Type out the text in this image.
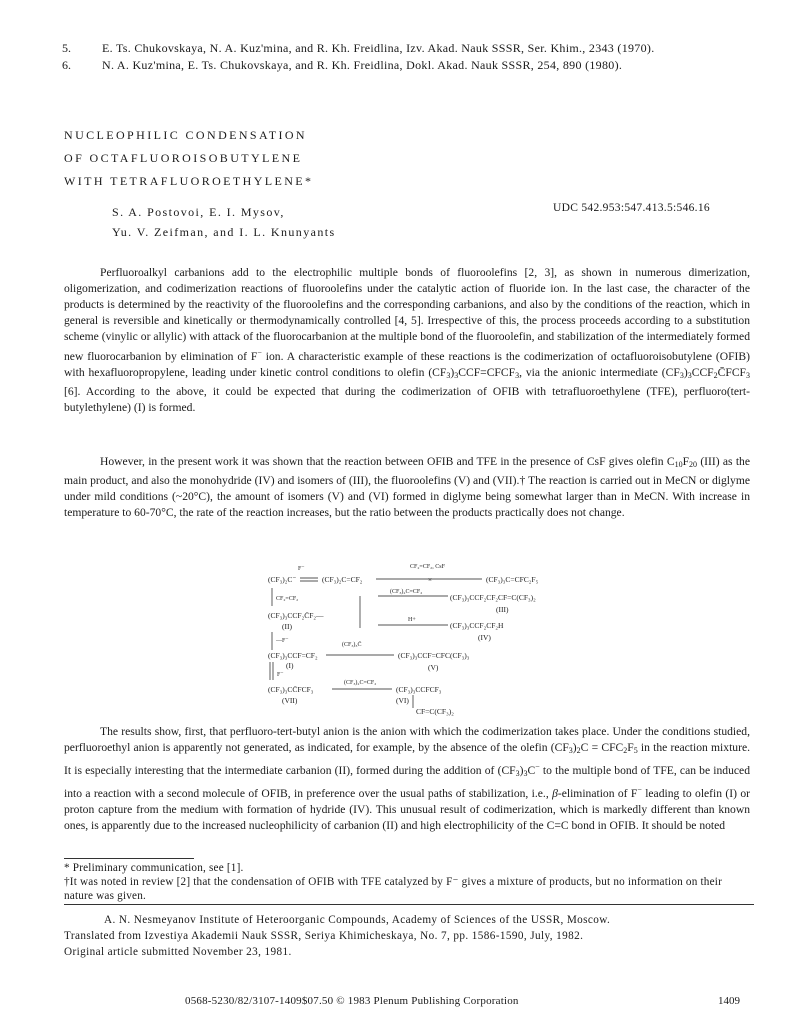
5.	E. Ts. Chukovskaya, N. A. Kuz'mina, and R. Kh. Freidlina, Izv. Akad. Nauk SSSR, Ser. Khim., 2343 (1970).
6.	N. A. Kuz'mina, E. Ts. Chukovskaya, and R. Kh. Freidlina, Dokl. Akad. Nauk SSSR, 254, 890 (1980).
NUCLEOPHILIC CONDENSATION
OF OCTAFLUOROISOBUTYLENE
WITH TETRAFLUOROETHYLENE*
S. A. Postovoi, E. I. Mysov,
Yu. V. Zeifman, and I. L. Knunyants
UDC 542.953:547.413.5:546.16

Perfluoroalkyl carbanions add to the electrophilic multiple bonds of fluoroolefins [2, 3], as shown in numerous dimerization, oligomerization, and codimerization reactions of fluoroolefins under the catalytic action of fluoride ion. In the last case, the character of the products is determined by the reactivity of the fluoroolefins and the corresponding carbanions, and also by the conditions of the reaction, which in general is reversible and kinetically or thermodynamically controlled [4, 5]. Irrespective of this, the process proceeds according to a substitution scheme (vinylic or allylic) with attack of the fluorocarbanion at the multiple bond of the fluoroolefin, and stabilization of the intermediately formed new fluorocarbanion by elimination of F− ion. A characteristic example of these reactions is the codimerization of octafluoroisobutylene (OFIB) with hexafluoropropylene, leading under kinetic control conditions to olefin $(CF_3)_3CCF=CFCF_3$, via the anionic intermediate $(CF_3)_3CCF_2C̄FCF_3$ [6]. According to the above, it could be expected that during the codimerization of OFIB with tetrafluoroethylene (TFE), perfluoro(tert-butylethylene) (I) is formed.

However, in the present work it was shown that the reaction between OFIB and TFE in the presence of CsF gives olefin $C_{10}F_{20}$ (III) as the main product, and also the monohydride (IV) and isomers of (III), the fluoroolefins (V) and (VII).† The reaction is carried out in MeCN or diglyme under mild conditions (~20°C), the amount of isomers (V) and (VI) formed in diglyme being somewhat larger than in MeCN. With increase in temperature to 60-70°C, the rate of the reaction increases, but the ratio between the products practically does not change.

F⁻	CF₂=CF₂, CsF
(CF₃)₂C⁻	(CF₃)₂C=CF₂	×	(CF₃)₃C=CFC₂F₅
CF₂=CF₂
(CF₃)₂C=CF₂
(CF₃)₃CCF₂CF₂CF=C(CF₃)₂
(III)
(CF₃)₃CCF₂C̄F₂—
(II)
H+
(CF₃)₃CCF₂CF₂H
(IV)
—F⁻
(CF₃)₃C̄
(CF₃)₃CCF=CF₂	(CF₃)₃CCF=CFC(CF₃)₃
(V)
(I)
F⁻
(CF₃)₂C=CF₂
(CF₃)₃CC̄FCF₃	(CF₃)₃CCFCF₃
(VII)	(VI)
CF=C(CF₃)₂

The results show, first, that perfluoro-tert-butyl anion is the anion with which the codimerization takes place. Under the conditions studied, perfluoroethyl anion is apparently not generated, as indicated, for example, by the absence of the olefin $(CF_3)_2C = CFC_2F_5$ in the reaction mixture. It is especially interesting that the intermediate carbanion (II), formed during the addition of $(CF_3)_3C^-$ to the multiple bond of TFE, can be induced into a reaction with a second molecule of OFIB, in preference over the usual paths of stabilization, i.e., β-elimination of F− leading to olefin (I) or proton capture from the medium with formation of hydride (IV). This unusual result of codimerization, which is markedly different than known ones, is apparently due to the increased nucleophilicity of carbanion (II) and high electrophilicity of the C=C bond in OFIB. It should be noted

* Preliminary communication, see [1].
†It was noted in review [2] that the condensation of OFIB with TFE catalyzed by F⁻ gives a mixture of products, but no information on their nature was given.
A. N. Nesmeyanov Institute of Heteroorganic Compounds, Academy of Sciences of the USSR, Moscow.
Translated from Izvestiya Akademii Nauk SSSR, Seriya Khimicheskaya, No. 7, pp. 1586-1590, July, 1982.
Original article submitted November 23, 1981.
0568-5230/82/3107-1409$07.50 © 1983 Plenum Publishing Corporation	1409
